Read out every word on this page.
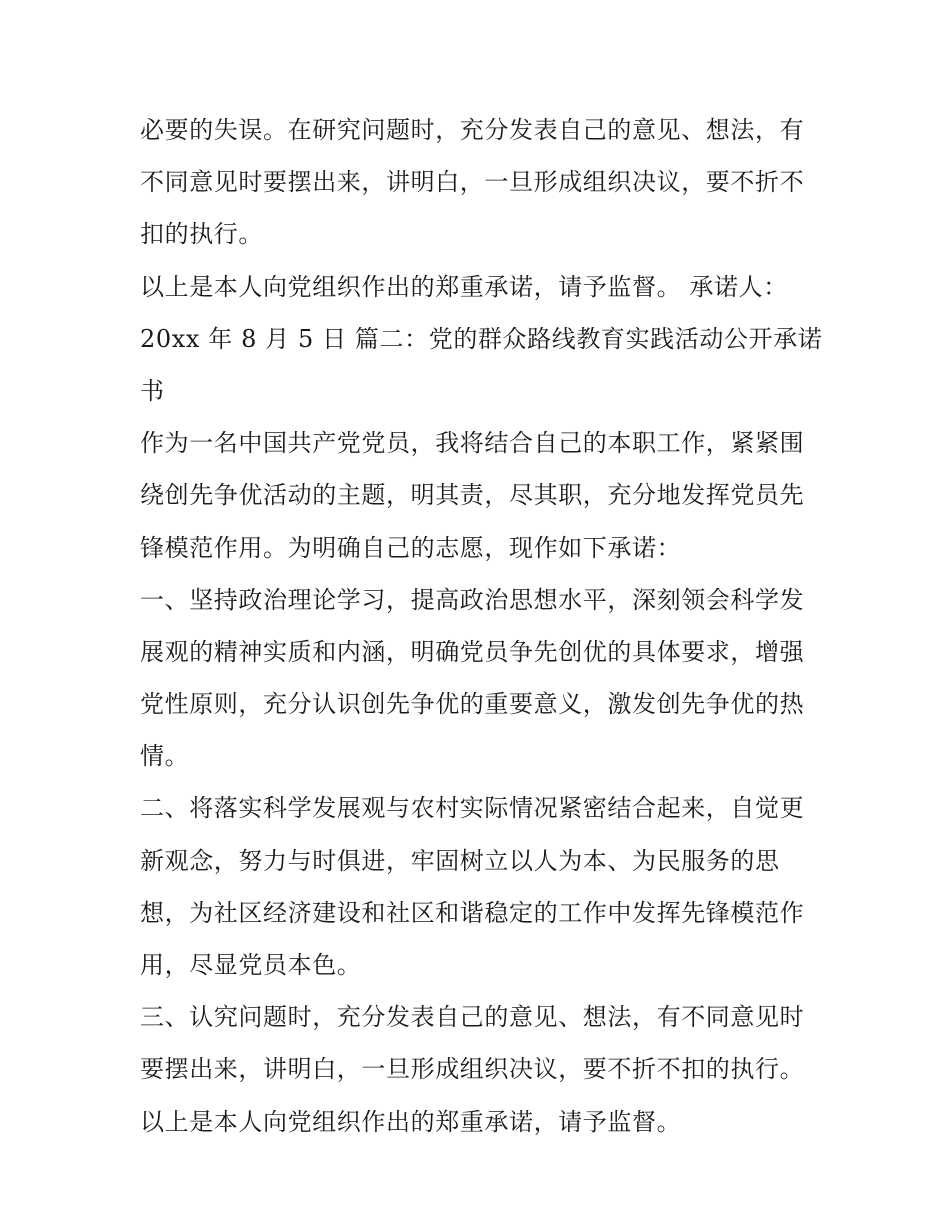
必要的失误。在研究问题时，充分发表自己的意见、想法，有
不同意见时要摆出来，讲明白，一旦形成组织决议，要不折不
扣的执行。
以上是本人向党组织作出的郑重承诺，请予监督。 承诺人：
20xx 年 8 月 5 日 篇二：党的群众路线教育实践活动公开承诺
书
作为一名中国共产党党员，我将结合自己的本职工作，紧紧围
绕创先争优活动的主题，明其责，尽其职，充分地发挥党员先
锋模范作用。为明确自己的志愿，现作如下承诺：
一、坚持政治理论学习，提高政治思想水平，深刻领会科学发
展观的精神实质和内涵，明确党员争先创优的具体要求，增强
党性原则，充分认识创先争优的重要意义，激发创先争优的热
情。
二、将落实科学发展观与农村实际情况紧密结合起来，自觉更
新观念，努力与时俱进，牢固树立以人为本、为民服务的思
想，为社区经济建设和社区和谐稳定的工作中发挥先锋模范作
用，尽显党员本色。
三、认究问题时，充分发表自己的意见、想法，有不同意见时
要摆出来，讲明白，一旦形成组织决议，要不折不扣的执行。
以上是本人向党组织作出的郑重承诺，请予监督。
